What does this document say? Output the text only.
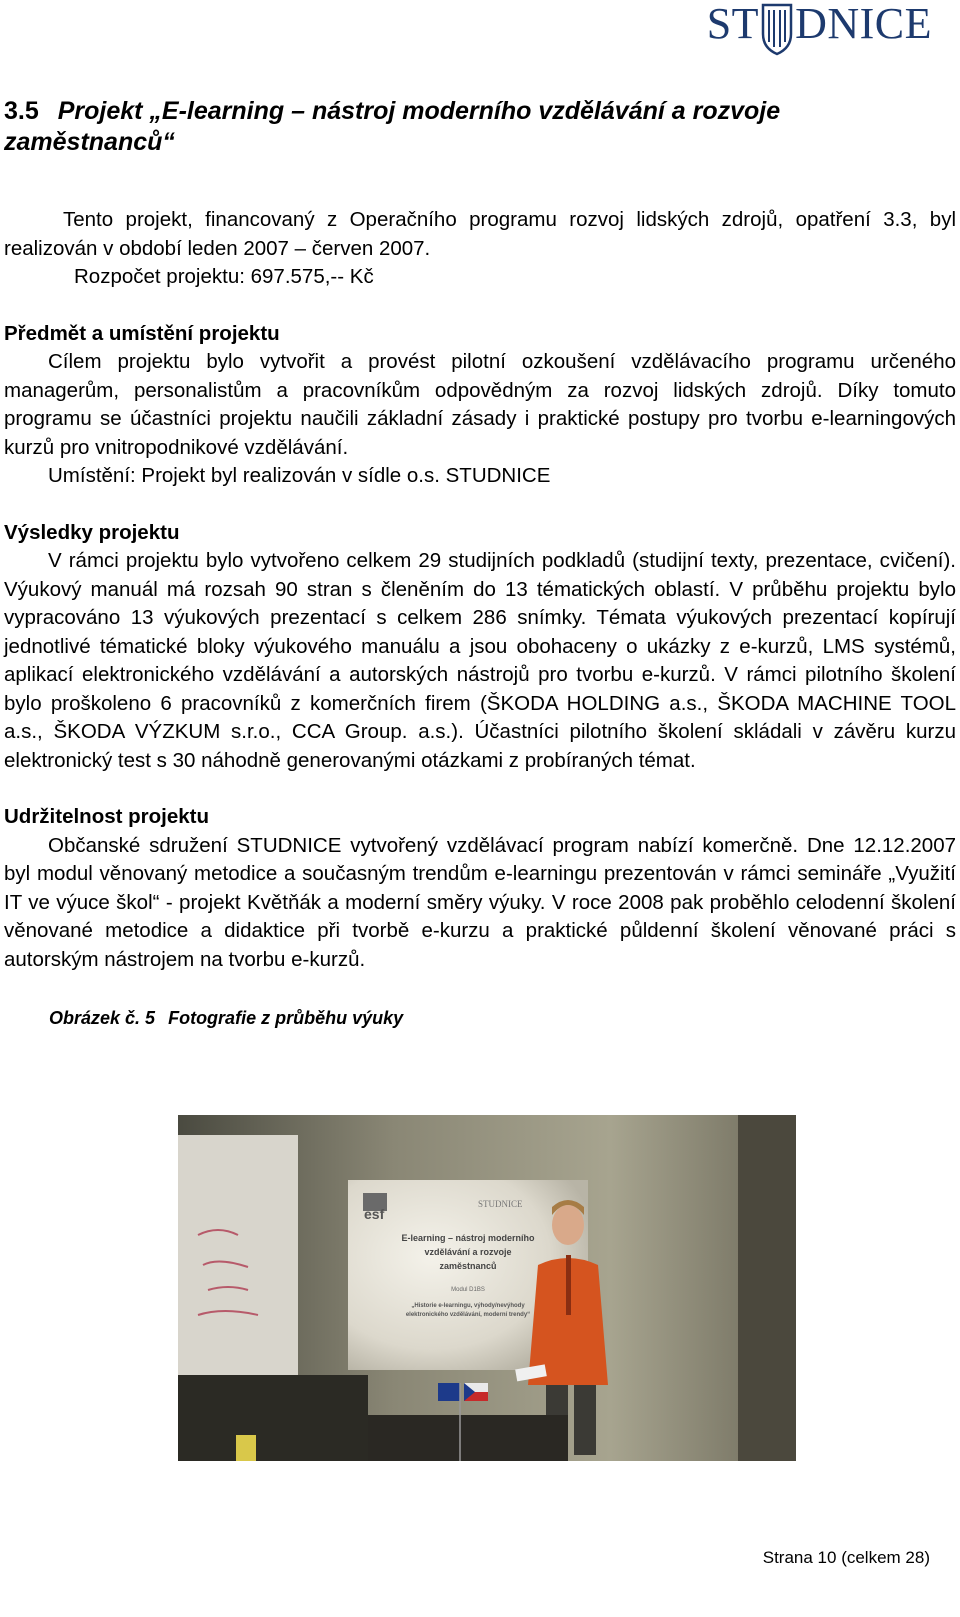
ST DNICE
3.5 Projekt „E-learning – nástroj moderního vzdělávání a rozvoje zaměstnanců“

Tento projekt, financovaný z Operačního programu rozvoj lidských zdrojů, opatření 3.3, byl realizován v období leden 2007 – červen 2007.

Rozpočet projektu: 697.575,-- Kč
Předmět a umístění projektu

Cílem projektu bylo vytvořit a provést pilotní ozkoušení vzdělávacího programu určeného managerům, personalistům a pracovníkům odpovědným za rozvoj lidských zdrojů. Díky tomuto programu se účastníci projektu naučili základní zásady i praktické postupy pro tvorbu e-learningových kurzů pro vnitropodnikové vzdělávání.

Umístění: Projekt byl realizován v sídle o.s. STUDNICE
Výsledky projektu

V rámci projektu bylo vytvořeno celkem 29 studijních podkladů (studijní texty, prezentace, cvičení). Výukový manuál má rozsah 90 stran s členěním do 13 tématických oblastí. V průběhu projektu bylo vypracováno 13 výukových prezentací s celkem 286 snímky. Témata výukových prezentací kopírují jednotlivé tématické bloky výukového manuálu a jsou obohaceny o ukázky z e-kurzů, LMS systémů, aplikací elektronického vzdělávání a autorských nástrojů pro tvorbu e-kurzů. V rámci pilotního školení bylo proškoleno 6 pracovníků z komerčních firem (ŠKODA HOLDING a.s., ŠKODA MACHINE TOOL a.s., ŠKODA VÝZKUM s.r.o., CCA Group. a.s.). Účastníci pilotního školení skládali v závěru kurzu elektronický test s 30 náhodně generovanými otázkami z probíraných témat.

Udržitelnost projektu

Občanské sdružení STUDNICE vytvořený vzdělávací program nabízí komerčně. Dne 12.12.2007 byl modul věnovaný metodice a současným trendům e-learningu prezentován v rámci semináře „Využití IT ve výuce škol“ - projekt Květňák a moderní směry výuky. V roce 2008 pak proběhlo celodenní školení věnované metodice a didaktice při tvorbě e-kurzu a praktické půldenní školení věnované práci s autorským nástrojem na tvorbu e-kurzů.

Obrázek č. 5 Fotografie z průběhu výuky
esf
STUDNICE
E-learning – nástroj moderního
vzdělávání a rozvoje
zaměstnanců
Modul D1BS
„Historie e-learningu, výhody/nevýhody
elektronického vzdělávání, moderní trendy“
Strana 10 (celkem 28)
